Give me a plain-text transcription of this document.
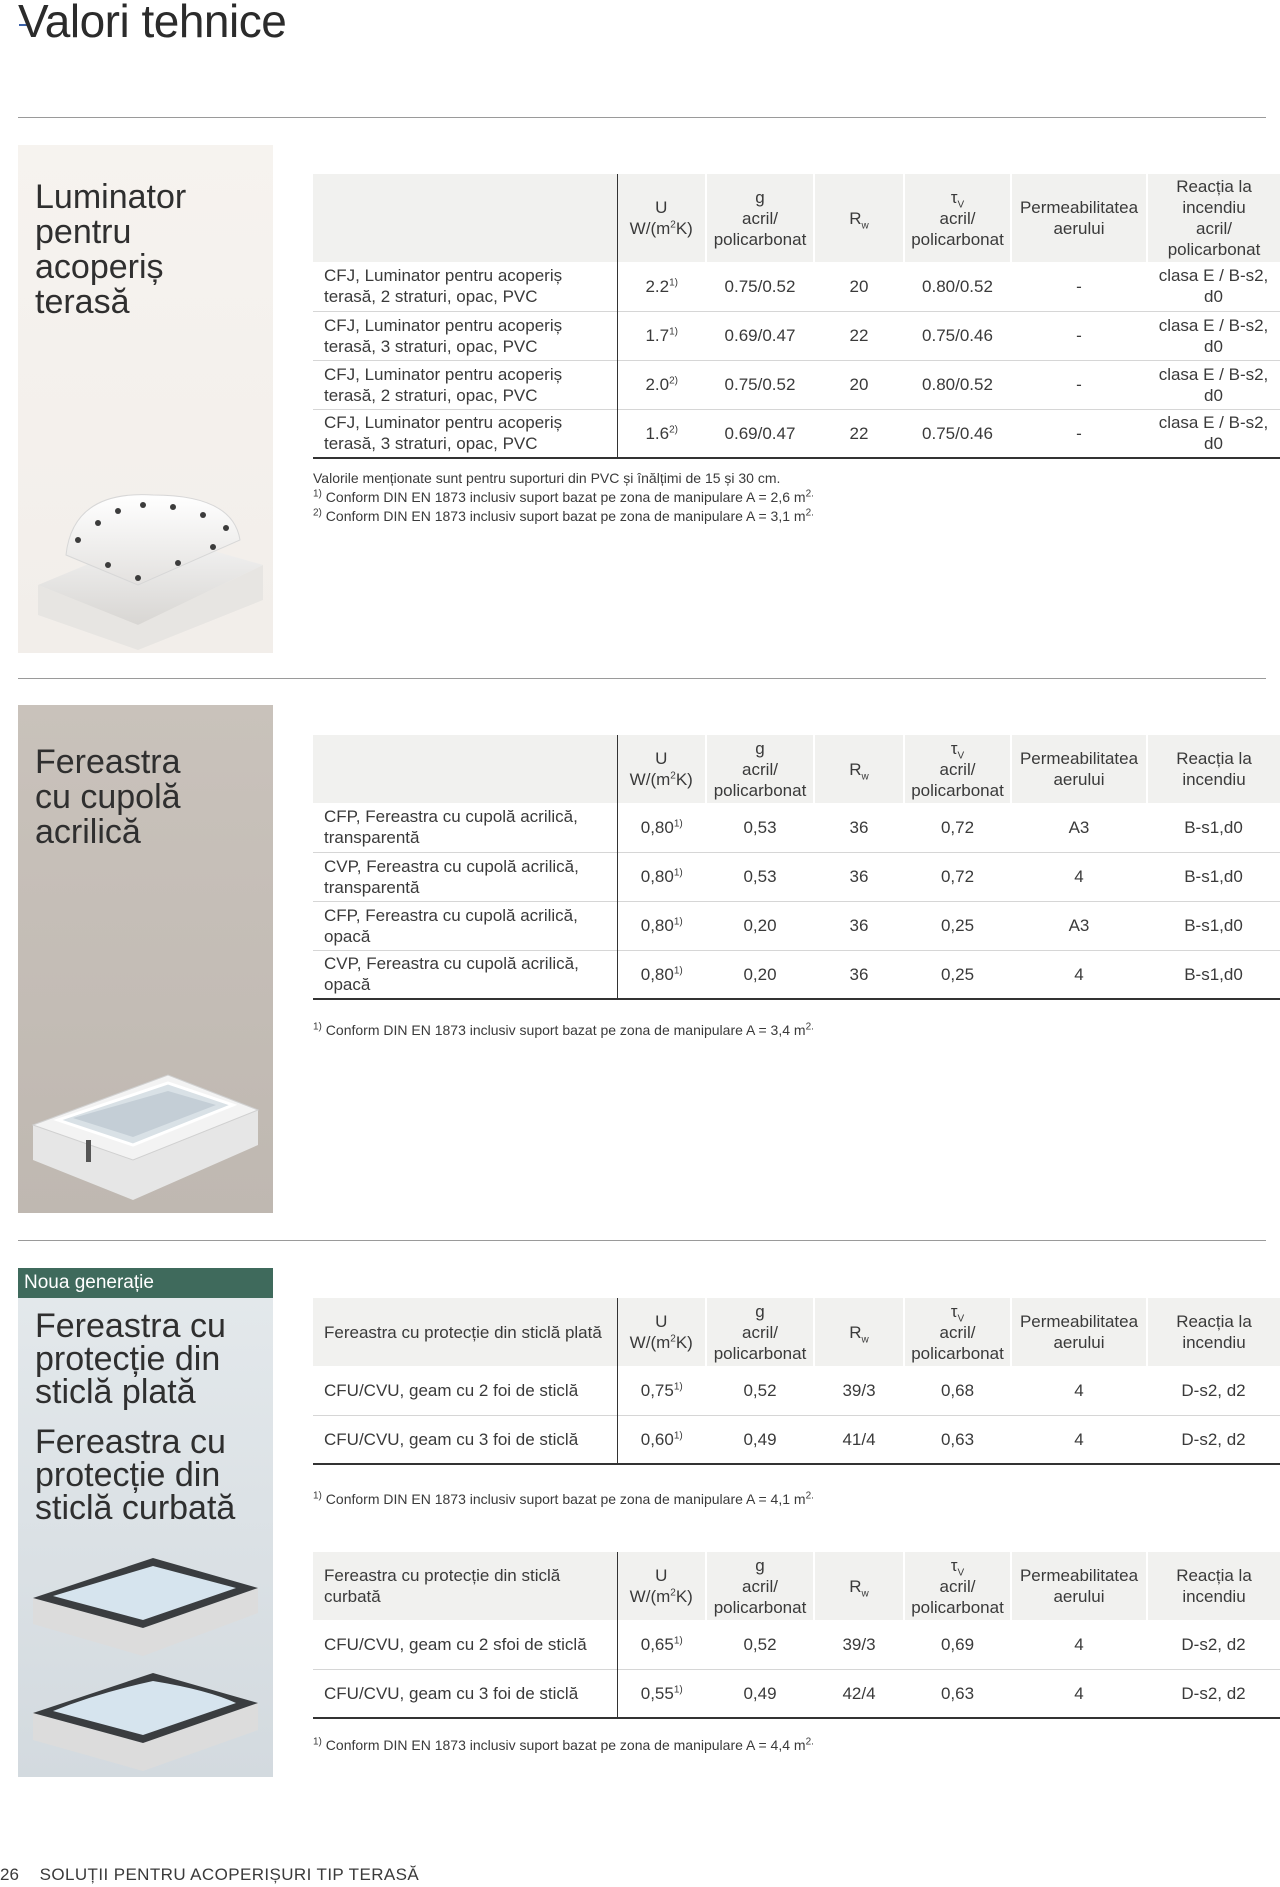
Valori tehnice
Luminator
pentru
acoperiș
terasă
	U
$W/(m^2K)$	g
acril/
policarbonat	$R_w$	$\tau_V$
acril/
policarbonat	Permeabilitatea
aerului	Reacția la
incendiu
acril/
policarbonat
CFJ, Luminator pentru acoperiș
terasă, 2 straturi, opac, PVC	2.2$^{1)}$	0.75/0.52	20	0.80/0.52	-	clasa E / B-s2,
d0
CFJ, Luminator pentru acoperiș
terasă, 3 straturi, opac, PVC	1.7$^{1)}$	0.69/0.47	22	0.75/0.46	-	clasa E / B-s2,
d0
CFJ, Luminator pentru acoperiș
terasă, 2 straturi, opac, PVC	2.0$^{2)}$	0.75/0.52	20	0.80/0.52	-	clasa E / B-s2,
d0
CFJ, Luminator pentru acoperiș
terasă, 3 straturi, opac, PVC	1.6$^{2)}$	0.69/0.47	22	0.75/0.46	-	clasa E / B-s2,
d0
Valorile menționate sunt pentru suporturi din PVC și înălțimi de 15 și 30 cm.
$^{1)}$ Conform DIN EN 1873 inclusiv suport bazat pe zona de manipulare A = 2,6 $m^{2.}$
$^{2)}$ Conform DIN EN 1873 inclusiv suport bazat pe zona de manipulare A = 3,1 $m^{2.}$
Fereastra
cu cupolă
acrilică
	U
$W/(m^2K)$	g
acril/
policarbonat	$R_w$	$\tau_V$
acril/
policarbonat	Permeabilitatea
aerului	Reacția la
incendiu
CFP, Fereastra cu cupolă acrilică,
transparentă	0,80$^{1)}$	0,53	36	0,72	A3	B-s1,d0
CVP, Fereastra cu cupolă acrilică,
transparentă	0,80$^{1)}$	0,53	36	0,72	4	B-s1,d0
CFP, Fereastra cu cupolă acrilică,
opacă	0,80$^{1)}$	0,20	36	0,25	A3	B-s1,d0
CVP, Fereastra cu cupolă acrilică,
opacă	0,80$^{1)}$	0,20	36	0,25	4	B-s1,d0
$^{1)}$ Conform DIN EN 1873 inclusiv suport bazat pe zona de manipulare A = 3,4 $m^{2.}$
Noua generație
Fereastra cu
protecție din
sticlă plată
Fereastra cu
protecție din
sticlă curbată
Fereastra cu protecție din sticlă plată	U
$W/(m^2K)$	g
acril/
policarbonat	$R_w$	$\tau_V$
acril/
policarbonat	Permeabilitatea
aerului	Reacția la
incendiu
CFU/CVU, geam cu 2 foi de sticlă	0,75$^{1)}$	0,52	39/3	0,68	4	D-s2, d2
CFU/CVU, geam cu 3 foi de sticlă	0,60$^{1)}$	0,49	41/4	0,63	4	D-s2, d2
$^{1)}$ Conform DIN EN 1873 inclusiv suport bazat pe zona de manipulare A = 4,1 $m^{2.}$
Fereastra cu protecție din sticlă
curbată	U
$W/(m^2K)$	g
acril/
policarbonat	$R_w$	$\tau_V$
acril/
policarbonat	Permeabilitatea
aerului	Reacția la
incendiu
CFU/CVU, geam cu 2 sfoi de sticlă	0,65$^{1)}$	0,52	39/3	0,69	4	D-s2, d2
CFU/CVU, geam cu 3 foi de sticlă	0,55$^{1)}$	0,49	42/4	0,63	4	D-s2, d2
$^{1)}$ Conform DIN EN 1873 inclusiv suport bazat pe zona de manipulare A = 4,4 $m^{2.}$
26 SOLUȚII PENTRU ACOPERIȘURI TIP TERASĂ
